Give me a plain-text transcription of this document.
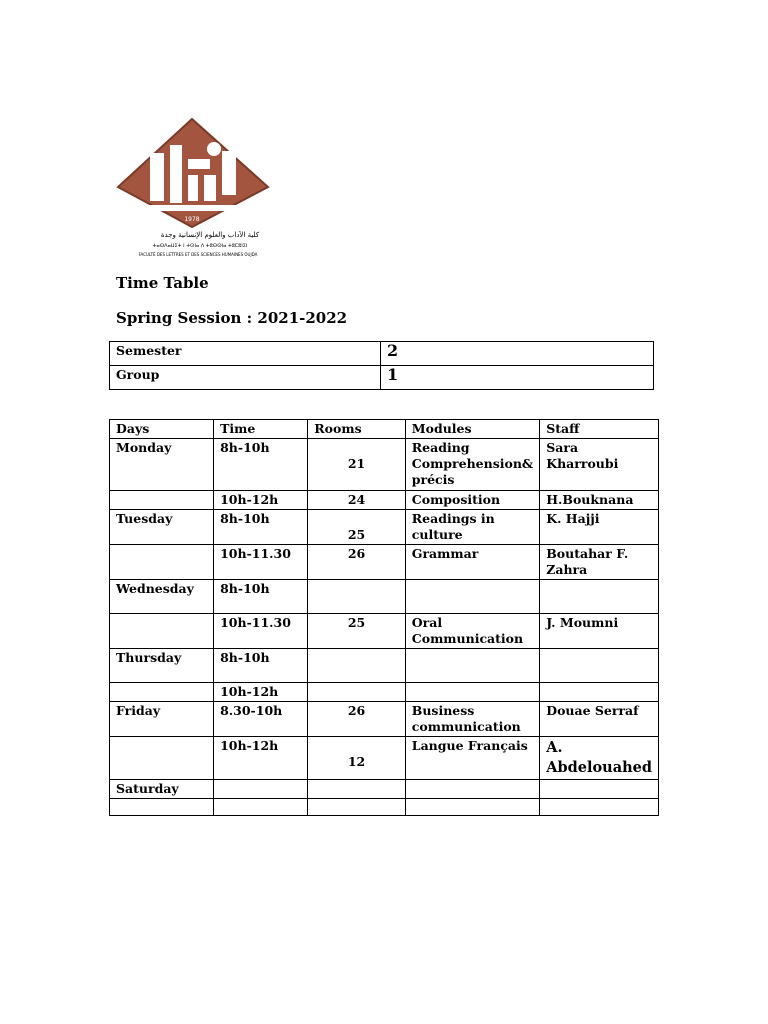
1978
كلية الآداب والعلوم الإنسانية وجدة
ⵜⴰⵙⴷⴰⵡⵉⵜ ⵏ ⵜⵙⵏⴰ ⴷ ⵜⵓⵙⵙⵏⴰ ⵜⵓⵎⵓⵏⵉⵏ
FACULTÉ DES LETTRES ET DES SCIENCES HUMAINES OUJDA
Time Table
Spring Session : 2021-2022
Semester	2
Group	1
Days	Time	Rooms	Modules	Staff
Monday	8h-10h	21	Reading Comprehension& précis	Sara Kharroubi
	10h-12h	24	Composition	H.Bouknana
Tuesday	8h-10h	25	Readings in culture	K. Hajji
	10h-11.30	26	Grammar	Boutahar F. Zahra
Wednesday	8h-10h			
	10h-11.30	25	Oral Communication	J. Moumni
Thursday	8h-10h			
	10h-12h			
Friday	8.30-10h	26	Business communication	Douae Serraf
	10h-12h	12	Langue Français	A. Abdelouahed
Saturday				
